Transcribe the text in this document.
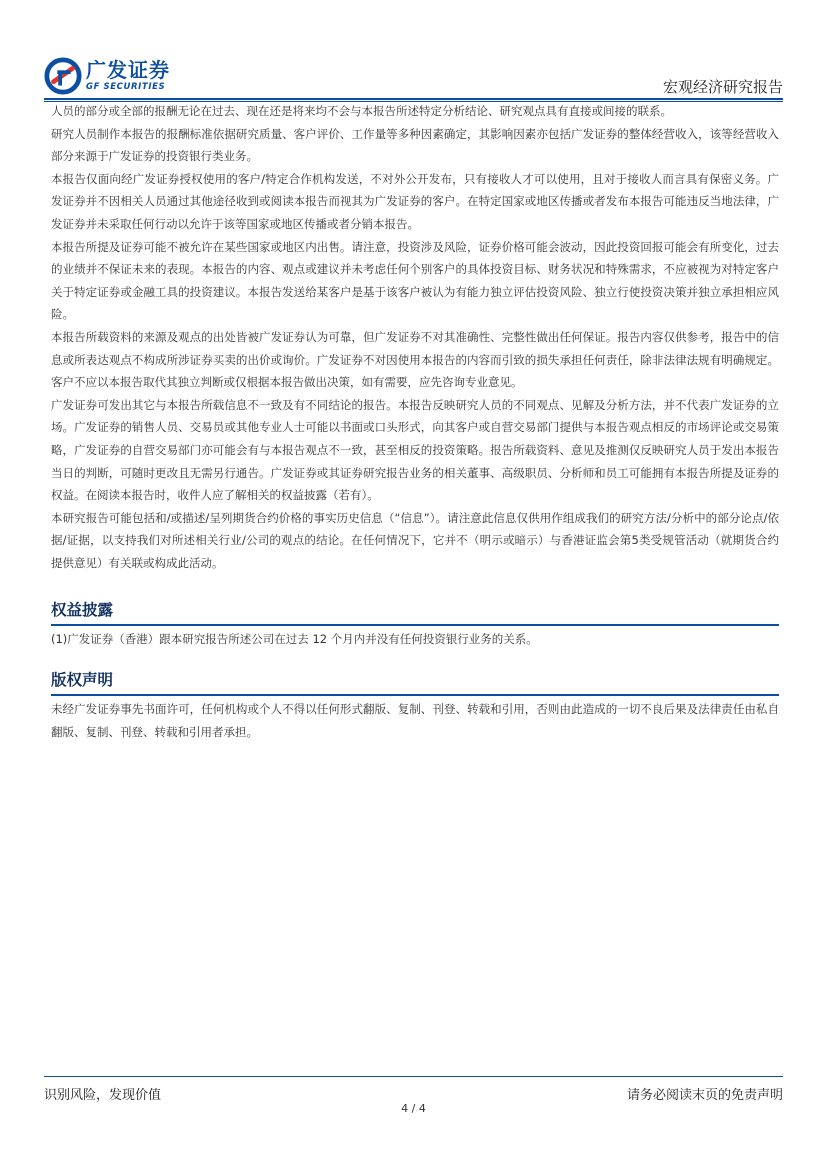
广发证券
GF SECURITIES	宏观经济研究报告

人员的部分或全部的报酬无论在过去、现在还是将来均不会与本报告所述特定分析结论、研究观点具有直接或间接的联系。

研究人员制作本报告的报酬标准依据研究质量、客户评价、工作量等多种因素确定，其影响因素亦包括广发证券的整体经营收入，该等经营收入部分来源于广发证券的投资银行类业务。

本报告仅面向经广发证券授权使用的客户/特定合作机构发送，不对外公开发布，只有接收人才可以使用，且对于接收人而言具有保密义务。广发证券并不因相关人员通过其他途径收到或阅读本报告而视其为广发证券的客户。在特定国家或地区传播或者发布本报告可能违反当地法律，广发证券并未采取任何行动以允许于该等国家或地区传播或者分销本报告。

本报告所提及证券可能不被允许在某些国家或地区内出售。请注意，投资涉及风险，证券价格可能会波动，因此投资回报可能会有所变化，过去的业绩并不保证未来的表现。本报告的内容、观点或建议并未考虑任何个别客户的具体投资目标、财务状况和特殊需求，不应被视为对特定客户关于特定证券或金融工具的投资建议。本报告发送给某客户是基于该客户被认为有能力独立评估投资风险、独立行使投资决策并独立承担相应风险。

本报告所载资料的来源及观点的出处皆被广发证券认为可靠，但广发证券不对其准确性、完整性做出任何保证。报告内容仅供参考，报告中的信息或所表达观点不构成所涉证券买卖的出价或询价。广发证券不对因使用本报告的内容而引致的损失承担任何责任，除非法律法规有明确规定。客户不应以本报告取代其独立判断或仅根据本报告做出决策，如有需要，应先咨询专业意见。

广发证券可发出其它与本报告所载信息不一致及有不同结论的报告。本报告反映研究人员的不同观点、见解及分析方法，并不代表广发证券的立场。广发证券的销售人员、交易员或其他专业人士可能以书面或口头形式，向其客户或自营交易部门提供与本报告观点相反的市场评论或交易策略，广发证券的自营交易部门亦可能会有与本报告观点不一致，甚至相反的投资策略。报告所载资料、意见及推测仅反映研究人员于发出本报告当日的判断，可随时更改且无需另行通告。广发证券或其证券研究报告业务的相关董事、高级职员、分析师和员工可能拥有本报告所提及证券的权益。在阅读本报告时，收件人应了解相关的权益披露（若有）。

本研究报告可能包括和/或描述/呈列期货合约价格的事实历史信息（“信息”）。请注意此信息仅供用作组成我们的研究方法/分析中的部分论点/依据/证据，以支持我们对所述相关行业/公司的观点的结论。在任何情况下，它并不（明示或暗示）与香港证监会第5类受规管活动（就期货合约提供意见）有关联或构成此活动。

权益披露

(1)广发证券（香港）跟本研究报告所述公司在过去 12 个月内并没有任何投资银行业务的关系。

版权声明

未经广发证券事先书面许可，任何机构或个人不得以任何形式翻版、复制、刊登、转载和引用，否则由此造成的一切不良后果及法律责任由私自翻版、复制、刊登、转载和引用者承担。

识别风险，发现价值	请务必阅读末页的免责声明
4 / 4
